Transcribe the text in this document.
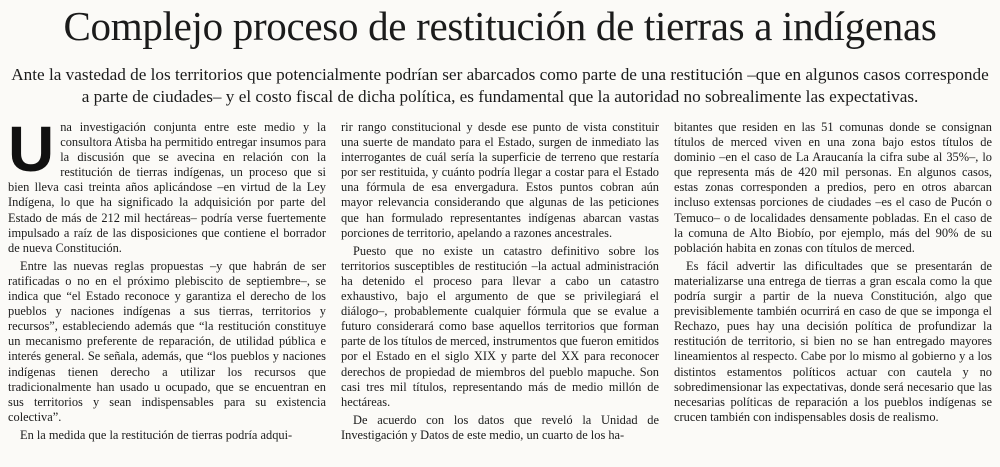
Complejo proceso de restitución de tierras a indígenas

Ante la vastedad de los territorios que potencialmente podrían ser abarcados como parte de una restitución –que en algunos casos corresponde a parte de ciudades– y el costo fiscal de dicha política, es fundamental que la autoridad no sobrealimente las expectativas.

Una investigación conjunta entre este medio y la consultora Atisba ha permitido entregar insumos para la discusión que se avecina en relación con la restitución de tierras indígenas, un proceso que si bien lleva casi treinta años aplicándose –en virtud de la Ley Indígena, lo que ha significado la adquisición por parte del Estado de más de 212 mil hectáreas– podría verse fuertemente impulsado a raíz de las disposiciones que contiene el borrador de nueva Constitución.

Entre las nuevas reglas propuestas –y que habrán de ser ratificadas o no en el próximo plebiscito de septiembre–, se indica que “el Estado reconoce y garantiza el derecho de los pueblos y naciones indígenas a sus tierras, territorios y recursos”, estableciendo además que “la restitución constituye un mecanismo preferente de reparación, de utilidad pública e interés general. Se señala, además, que “los pueblos y naciones indígenas tienen derecho a utilizar los recursos que tradicionalmente han usado u ocupado, que se encuentran en sus territorios y sean indispensables para su existencia colectiva”.

En la medida que la restitución de tierras podría adqui-

rir rango constitucional y desde ese punto de vista constituir una suerte de mandato para el Estado, surgen de inmediato las interrogantes de cuál sería la superficie de terreno que restaría por ser restituida, y cuánto podría llegar a costar para el Estado una fórmula de esa envergadura. Estos puntos cobran aún mayor relevancia considerando que algunas de las peticiones que han formulado representantes indígenas abarcan vastas porciones de territorio, apelando a razones ancestrales.

Puesto que no existe un catastro definitivo sobre los territorios susceptibles de restitución –la actual administración ha detenido el proceso para llevar a cabo un catastro exhaustivo, bajo el argumento de que se privilegiará el diálogo–, probablemente cualquier fórmula que se evalue a futuro considerará como base aquellos territorios que forman parte de los títulos de merced, instrumentos que fueron emitidos por el Estado en el siglo XIX y parte del XX para reconocer derechos de propiedad de miembros del pueblo mapuche. Son casi tres mil títulos, representando más de medio millón de hectáreas.

De acuerdo con los datos que reveló la Unidad de Investigación y Datos de este medio, un cuarto de los ha-

bitantes que residen en las 51 comunas donde se consignan títulos de merced viven en una zona bajo estos títulos de dominio –en el caso de La Araucanía la cifra sube al 35%–, lo que representa más de 420 mil personas. En algunos casos, estas zonas corresponden a predios, pero en otros abarcan incluso extensas porciones de ciudades –es el caso de Pucón o Temuco– o de localidades densamente pobladas. En el caso de la comuna de Alto Biobío, por ejemplo, más del 90% de su población habita en zonas con títulos de merced.

Es fácil advertir las dificultades que se presentarán de materializarse una entrega de tierras a gran escala como la que podría surgir a partir de la nueva Constitución, algo que previsiblemente también ocurrirá en caso de que se imponga el Rechazo, pues hay una decisión política de profundizar la restitución de territorio, si bien no se han entregado mayores lineamientos al respecto. Cabe por lo mismo al gobierno y a los distintos estamentos políticos actuar con cautela y no sobredimensionar las expectativas, donde será necesario que las necesarias políticas de reparación a los pueblos indígenas se crucen también con indispensables dosis de realismo.
